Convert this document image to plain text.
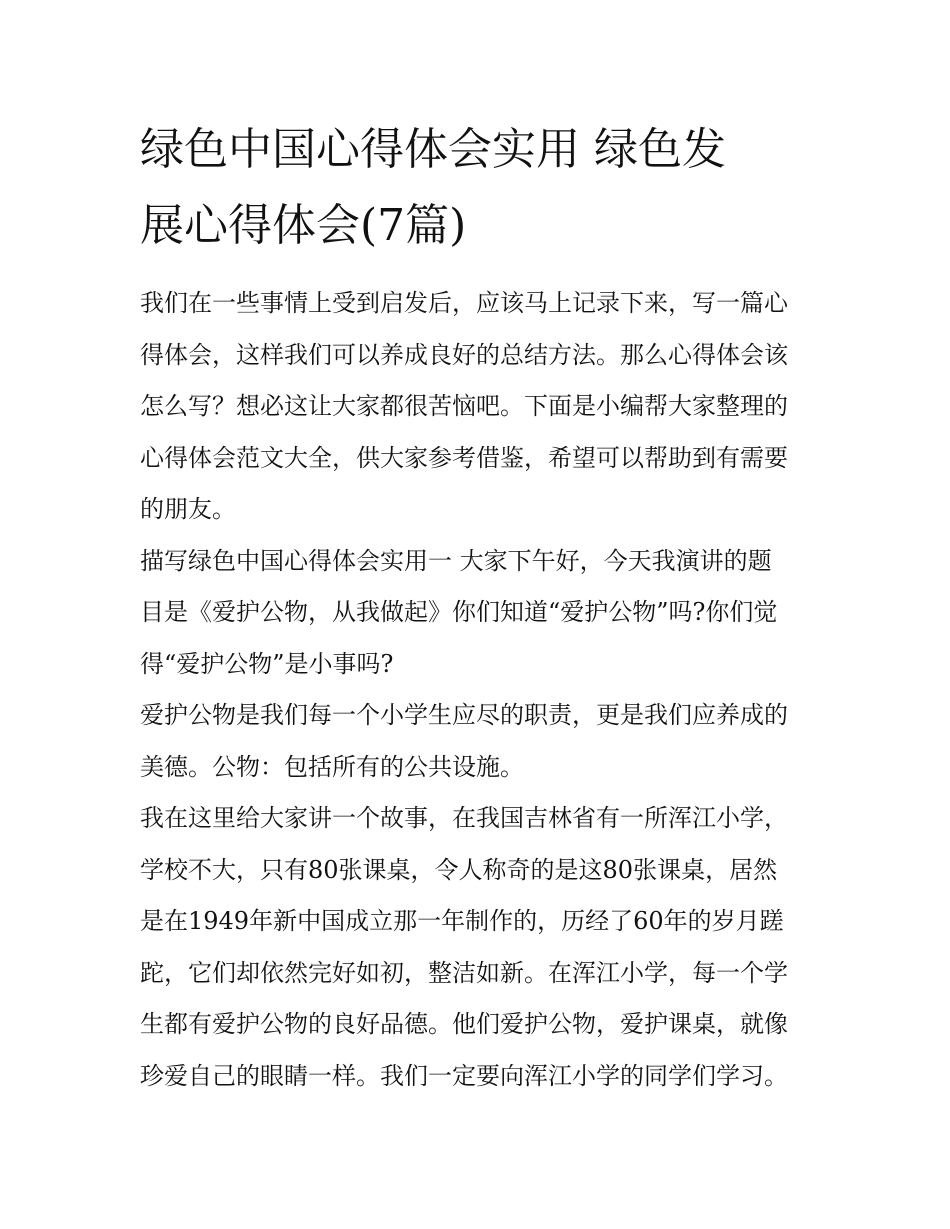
绿色中国心得体会实用 绿色发
展心得体会(7篇)

我们在一些事情上受到启发后，应该马上记录下来，写一篇心
得体会，这样我们可以养成良好的总结方法。那么心得体会该
怎么写？想必这让大家都很苦恼吧。下面是小编帮大家整理的
心得体会范文大全，供大家参考借鉴，希望可以帮助到有需要
的朋友。

描写绿色中国心得体会实用一 大家下午好，今天我演讲的题
目是《爱护公物，从我做起》你们知道“爱护公物”吗?你们觉
得“爱护公物”是小事吗?

爱护公物是我们每一个小学生应尽的职责，更是我们应养成的
美德。公物：包括所有的公共设施。

我在这里给大家讲一个故事，在我国吉林省有一所浑江小学，
学校不大，只有80张课桌，令人称奇的是这80张课桌，居然
是在1949年新中国成立那一年制作的，历经了60年的岁月蹉
跎，它们却依然完好如初，整洁如新。在浑江小学，每一个学
生都有爱护公物的良好品德。他们爱护公物，爱护课桌，就像
珍爱自己的眼睛一样。我们一定要向浑江小学的同学们学习。
